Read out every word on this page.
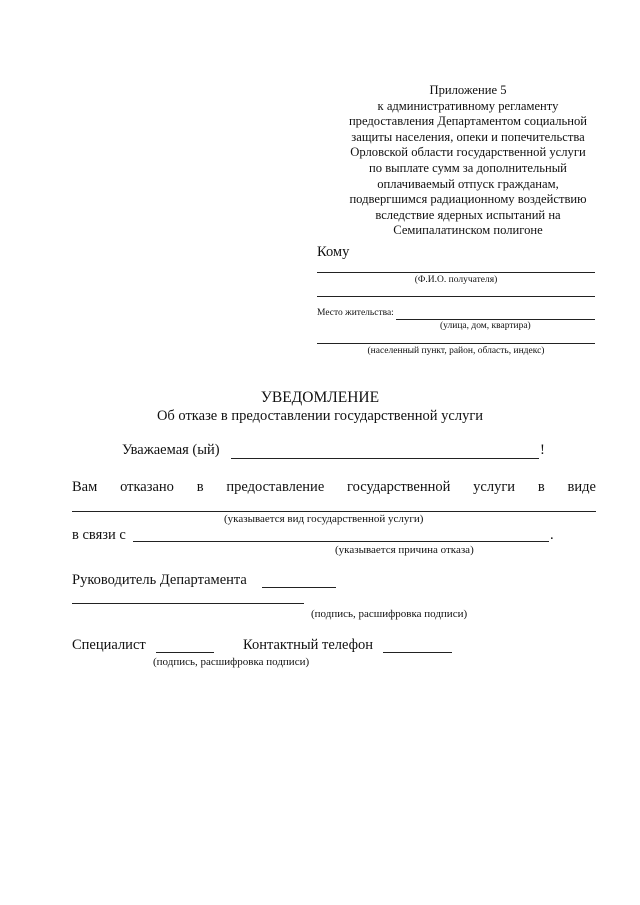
Приложение 5
к административному регламенту
предоставления Департаментом социальной
защиты населения, опеки и попечительства
Орловской области государственной услуги
по выплате сумм за дополнительный
оплачиваемый отпуск гражданам,
подвергшимся радиационному воздействию
вследствие ядерных испытаний на
Семипалатинском полигоне
Кому
(Ф.И.О. получателя)
Место жительства:
(улица, дом, квартира)
(населенный пункт, район, область, индекс)
УВЕДОМЛЕНИЕ
Об отказе в предоставлении государственной услуги
Уважаемая (ый)	!
Вам отказано в предоставление государственной услуги в виде
(указывается вид государственной услуги)
в связи с	.
(указывается причина отказа)
Руководитель Департамента
(подпись, расшифровка подписи)
Специалист	Контактный телефон
(подпись, расшифровка подписи)
